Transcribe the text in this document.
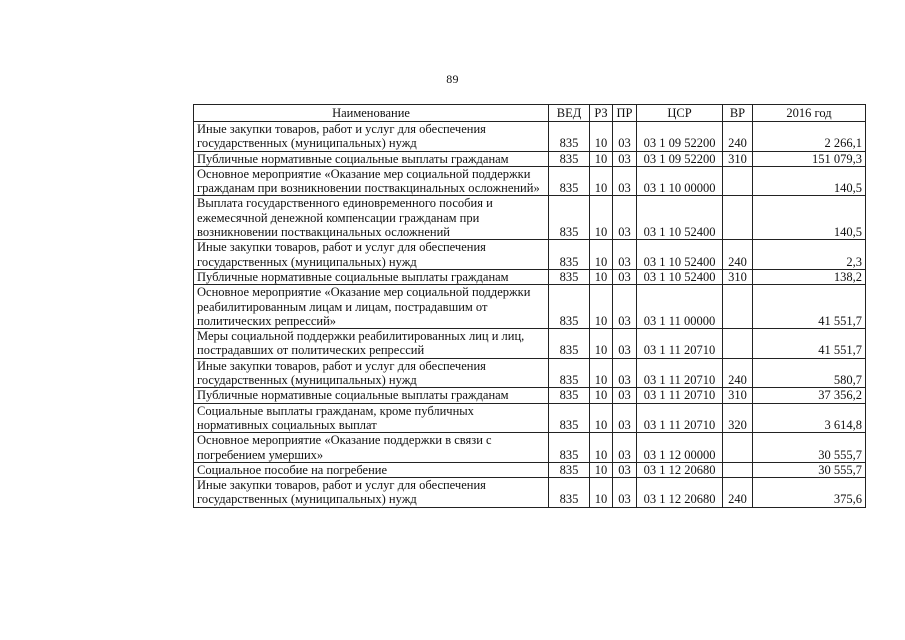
89
Наименование	ВЕД	РЗ	ПР	ЦСР	ВР	2016 год
Иные закупки товаров, работ и услуг для обеспечения государственных (муниципальных) нужд	835	10	03	03 1 09 52200	240	2 266,1
Публичные нормативные социальные выплаты гражданам	835	10	03	03 1 09 52200	310	151 079,3
Основное мероприятие «Оказание мер социальной поддержки гражданам при возникновении поствакцинальных осложнений»	835	10	03	03 1 10 00000		140,5
Выплата государственного единовременного пособия и ежемесячной денежной компенсации гражданам при возникновении поствакцинальных осложнений	835	10	03	03 1 10 52400		140,5
Иные закупки товаров, работ и услуг для обеспечения государственных (муниципальных) нужд	835	10	03	03 1 10 52400	240	2,3
Публичные нормативные социальные выплаты гражданам	835	10	03	03 1 10 52400	310	138,2
Основное мероприятие «Оказание мер социальной поддержки реабилитированным лицам и лицам, пострадавшим от политических репрессий»	835	10	03	03 1 11 00000		41 551,7
Меры социальной поддержки реабилитированных лиц и лиц, пострадавших от политических репрессий	835	10	03	03 1 11 20710		41 551,7
Иные закупки товаров, работ и услуг для обеспечения государственных (муниципальных) нужд	835	10	03	03 1 11 20710	240	580,7
Публичные нормативные социальные выплаты гражданам	835	10	03	03 1 11 20710	310	37 356,2
Социальные выплаты гражданам, кроме публичных нормативных социальных выплат	835	10	03	03 1 11 20710	320	3 614,8
Основное мероприятие «Оказание поддержки в связи с погребением умерших»	835	10	03	03 1 12 00000		30 555,7
Социальное пособие на погребение	835	10	03	03 1 12 20680		30 555,7
Иные закупки товаров, работ и услуг для обеспечения государственных (муниципальных) нужд	835	10	03	03 1 12 20680	240	375,6
